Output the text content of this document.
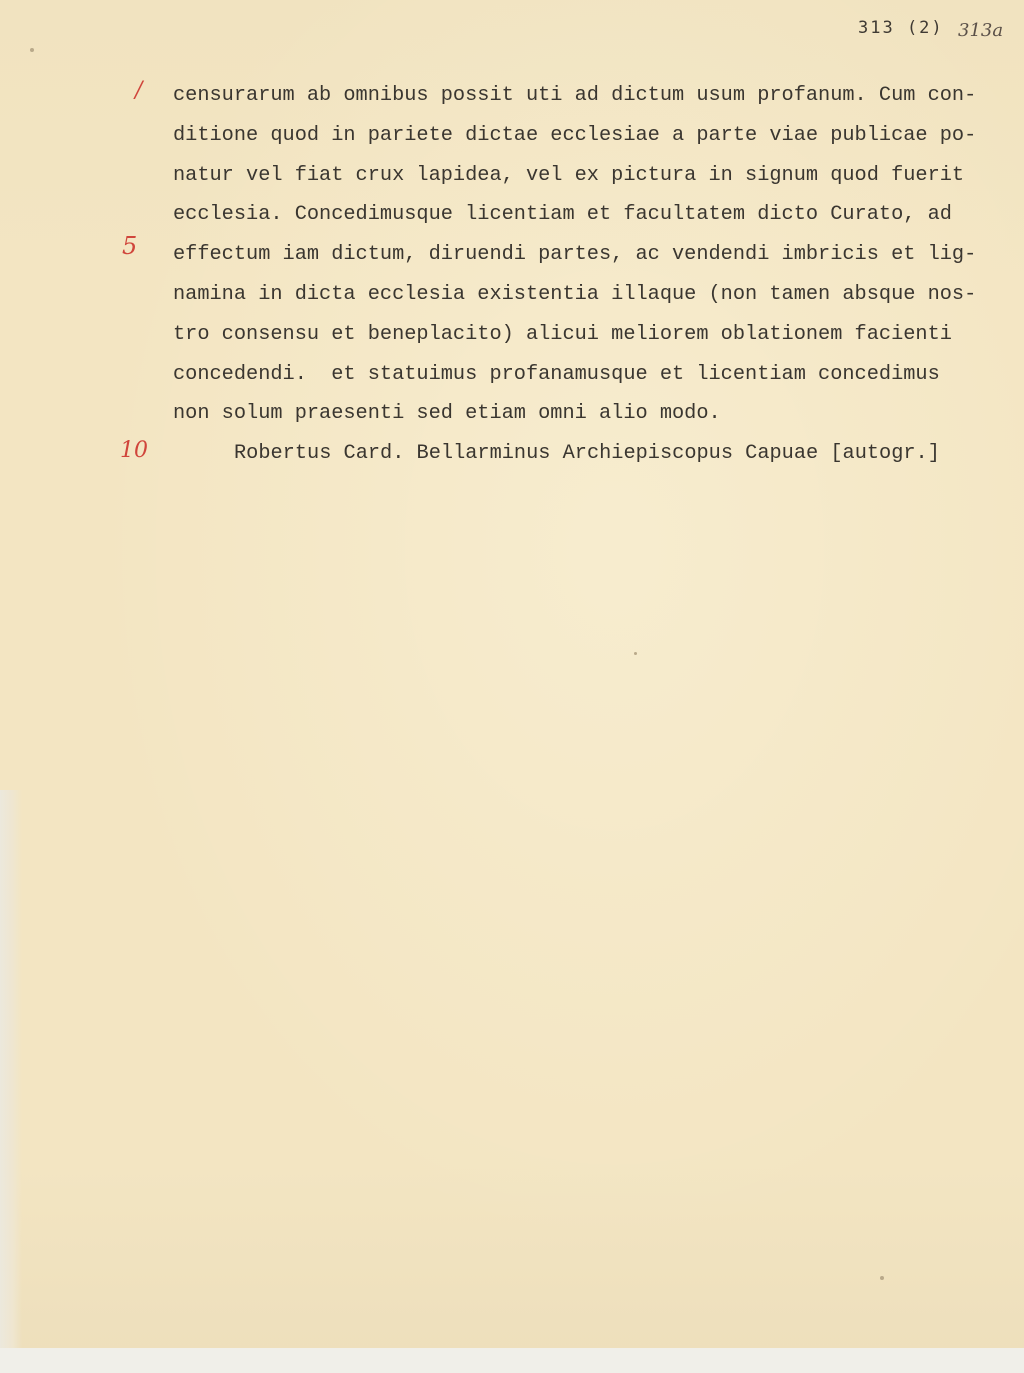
313 (2) 313a
/
5
10
censurarum ab omnibus possit uti ad dictum usum profanum. Cum con-
ditione quod in pariete dictae ecclesiae a parte viae publicae po-
natur vel fiat crux lapidea, vel ex pictura in signum quod fuerit
ecclesia. Concedimusque licentiam et facultatem dicto Curato, ad
effectum iam dictum, diruendi partes, ac vendendi imbricis et lig-
namina in dicta ecclesia existentia illaque (non tamen absque nos-
tro consensu et beneplacito) alicui meliorem oblationem facienti
concedendi.  et statuimus profanamusque et licentiam concedimus
non solum praesenti sed etiam omni alio modo.
Robertus Card. Bellarminus Archiepiscopus Capuae [autogr.]
